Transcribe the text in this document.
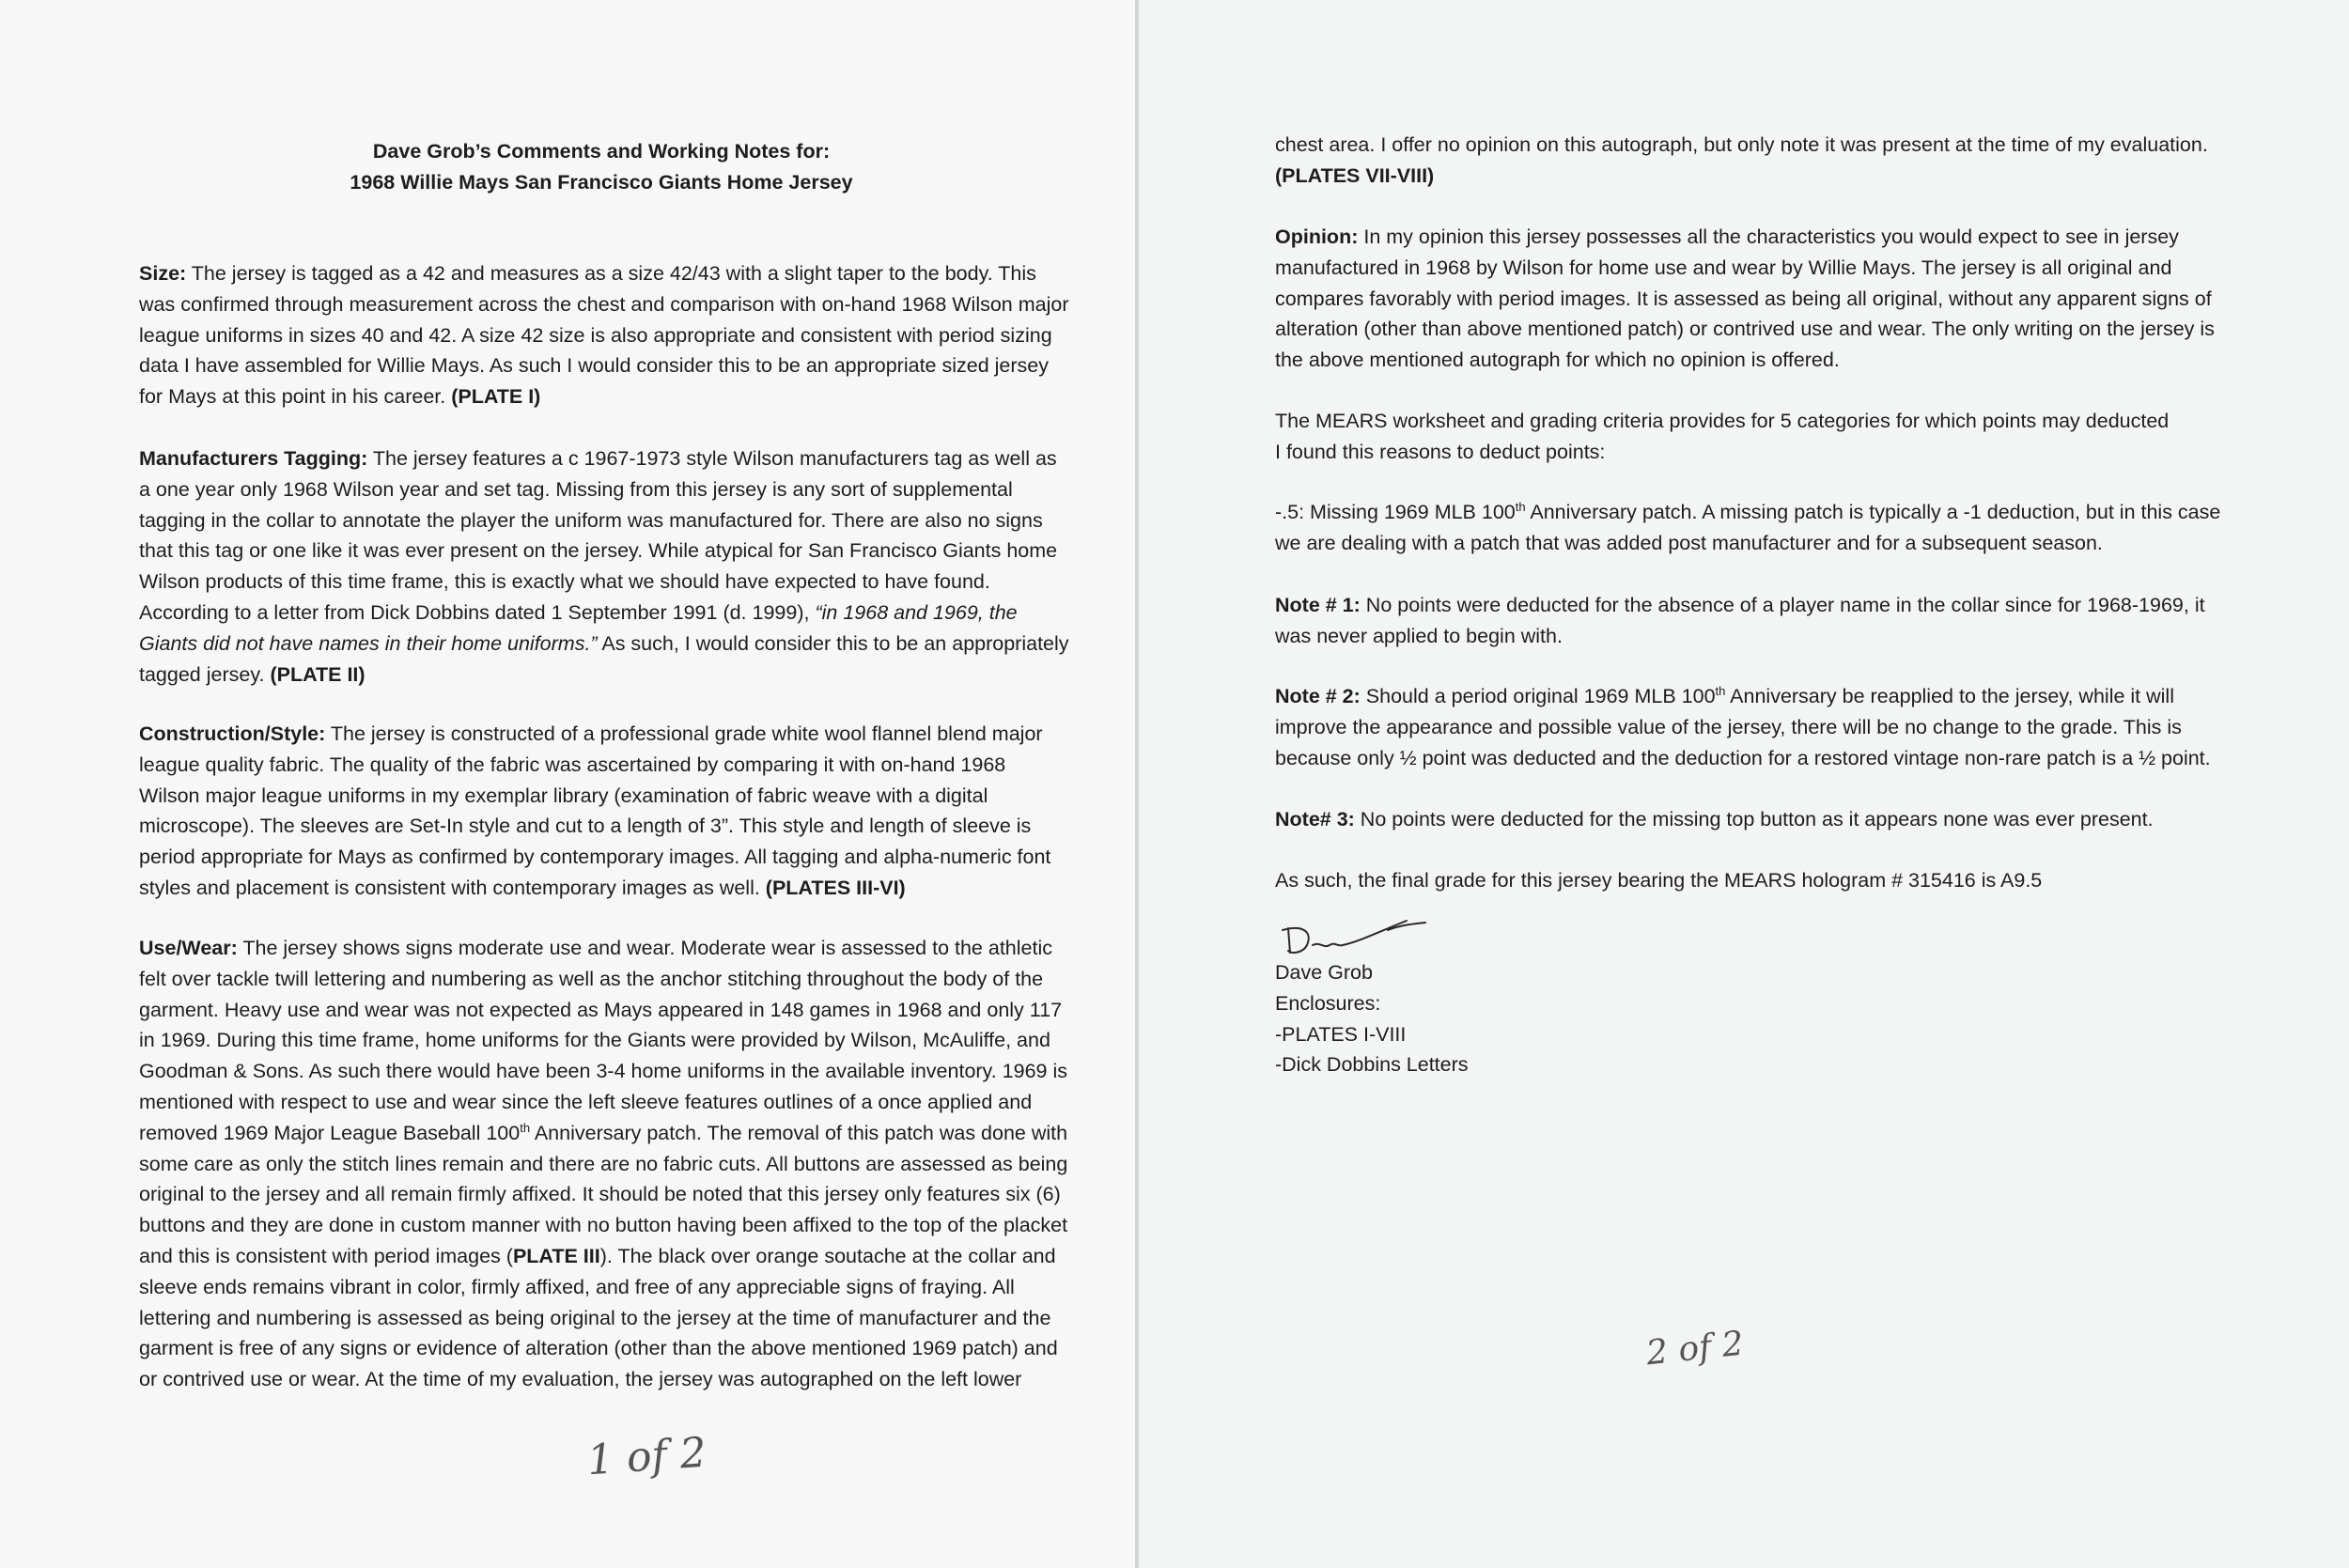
Dave Grob’s Comments and Working Notes for:
1968 Willie Mays San Francisco Giants Home Jersey

Size: The jersey is tagged as a 42 and measures as a size 42/43 with a slight taper to the body. This was confirmed through measurement across the chest and comparison with on-hand 1968 Wilson major league uniforms in sizes 40 and 42. A size 42 size is also appropriate and consistent with period sizing data I have assembled for Willie Mays. As such I would consider this to be an appropriate sized jersey for Mays at this point in his career. (PLATE I)

Manufacturers Tagging: The jersey features a c 1967-1973 style Wilson manufacturers tag as well as a one year only 1968 Wilson year and set tag. Missing from this jersey is any sort of supplemental tagging in the collar to annotate the player the uniform was manufactured for. There are also no signs that this tag or one like it was ever present on the jersey. While atypical for San Francisco Giants home Wilson products of this time frame, this is exactly what we should have expected to have found. According to a letter from Dick Dobbins dated 1 September 1991 (d. 1999), “in 1968 and 1969, the Giants did not have names in their home uniforms.” As such, I would consider this to be an appropriately tagged jersey. (PLATE II)

Construction/Style: The jersey is constructed of a professional grade white wool flannel blend major league quality fabric. The quality of the fabric was ascertained by comparing it with on-hand 1968 Wilson major league uniforms in my exemplar library (examination of fabric weave with a digital microscope). The sleeves are Set-In style and cut to a length of 3”. This style and length of sleeve is period appropriate for Mays as confirmed by contemporary images. All tagging and alpha-numeric font styles and placement is consistent with contemporary images as well. (PLATES III-VI)

Use/Wear: The jersey shows signs moderate use and wear. Moderate wear is assessed to the athletic felt over tackle twill lettering and numbering as well as the anchor stitching throughout the body of the garment. Heavy use and wear was not expected as Mays appeared in 148 games in 1968 and only 117 in 1969. During this time frame, home uniforms for the Giants were provided by Wilson, McAuliffe, and Goodman & Sons. As such there would have been 3-4 home uniforms in the available inventory. 1969 is mentioned with respect to use and wear since the left sleeve features outlines of a once applied and removed 1969 Major League Baseball 100th Anniversary patch. The removal of this patch was done with some care as only the stitch lines remain and there are no fabric cuts. All buttons are assessed as being original to the jersey and all remain firmly affixed. It should be noted that this jersey only features six (6) buttons and they are done in custom manner with no button having been affixed to the top of the placket and this is consistent with period images (PLATE III). The black over orange soutache at the collar and sleeve ends remains vibrant in color, firmly affixed, and free of any appreciable signs of fraying. All lettering and numbering is assessed as being original to the jersey at the time of manufacturer and the garment is free of any signs or evidence of alteration (other than the above mentioned 1969 patch) and or contrived use or wear. At the time of my evaluation, the jersey was autographed on the left lower

1 of 2

chest area. I offer no opinion on this autograph, but only note it was present at the time of my evaluation. (PLATES VII-VIII)

Opinion: In my opinion this jersey possesses all the characteristics you would expect to see in jersey manufactured in 1968 by Wilson for home use and wear by Willie Mays. The jersey is all original and compares favorably with period images. It is assessed as being all original, without any apparent signs of alteration (other than above mentioned patch) or contrived use and wear. The only writing on the jersey is the above mentioned autograph for which no opinion is offered.

The MEARS worksheet and grading criteria provides for 5 categories for which points may deducted
I found this reasons to deduct points:

-.5: Missing 1969 MLB 100th Anniversary patch. A missing patch is typically a -1 deduction, but in this case we are dealing with a patch that was added post manufacturer and for a subsequent season.

Note # 1: No points were deducted for the absence of a player name in the collar since for 1968-1969, it was never applied to begin with.

Note # 2: Should a period original 1969 MLB 100th Anniversary be reapplied to the jersey, while it will improve the appearance and possible value of the jersey, there will be no change to the grade. This is because only ½ point was deducted and the deduction for a restored vintage non-rare patch is a ½ point.

Note# 3: No points were deducted for the missing top button as it appears none was ever present.

As such, the final grade for this jersey bearing the MEARS hologram # 315416 is A9.5

Dave Grob
Enclosures:
-PLATES I-VIII
-Dick Dobbins Letters

2 of 2
